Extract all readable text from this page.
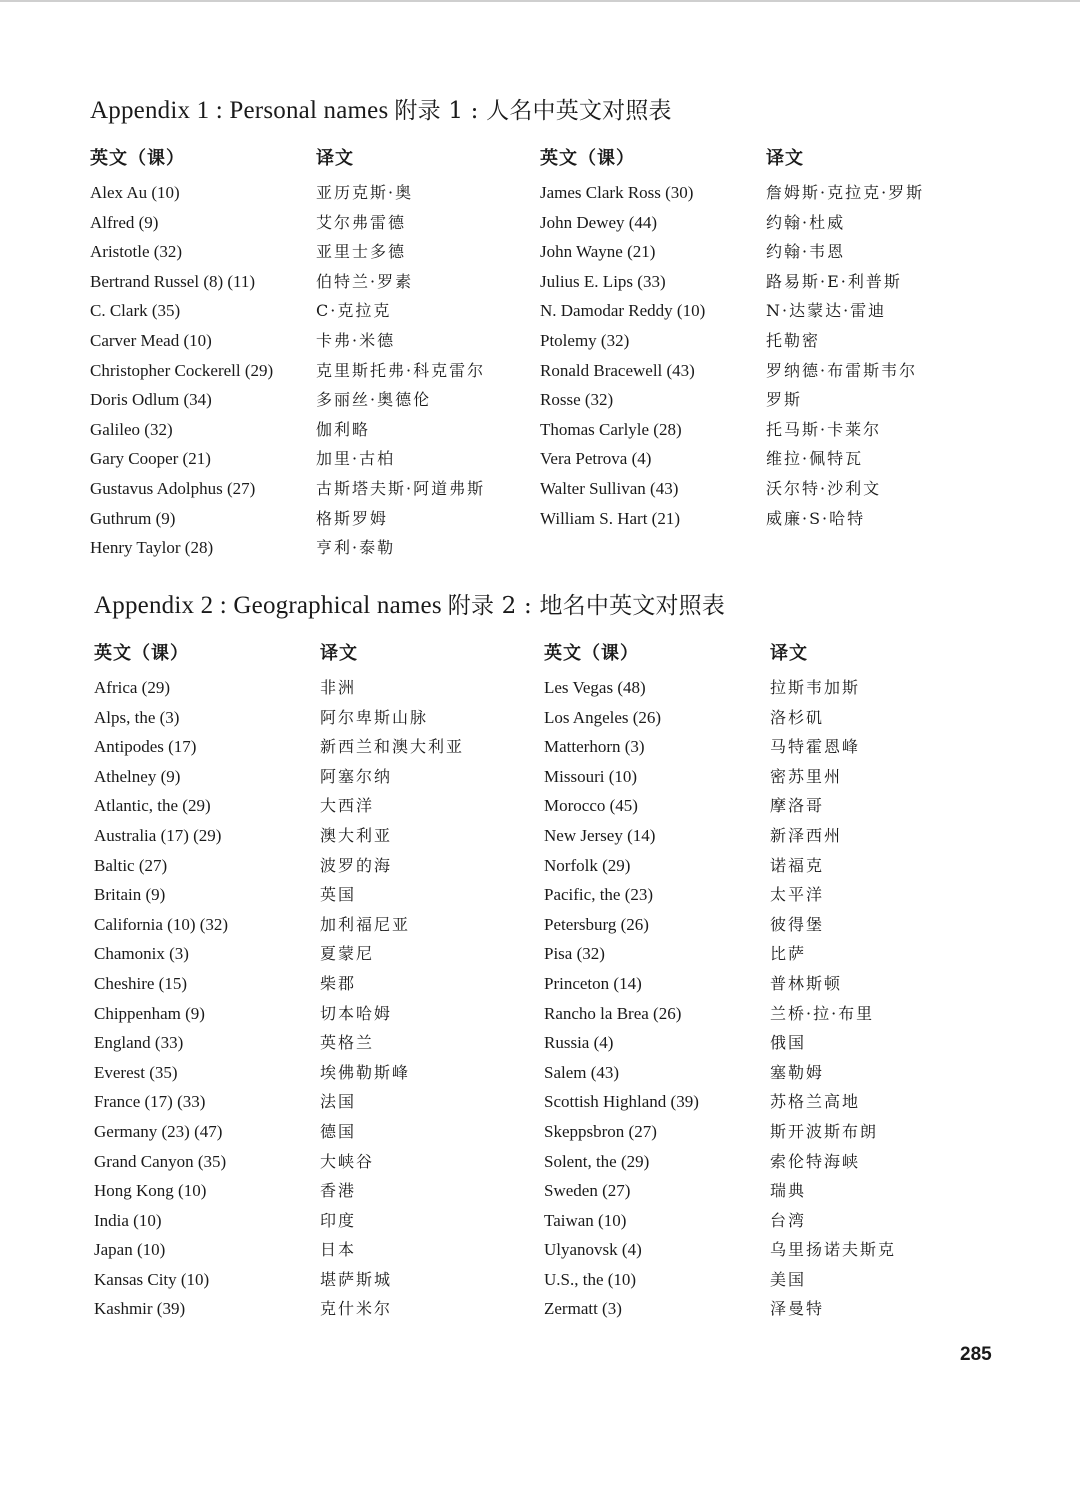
Appendix 1 : Personal names 附录 1 : 人名中英文对照表
英文（课）	译文	英文（课）	译文
Alex Au (10)	亚历克斯·奥	James Clark Ross (30)	詹姆斯·克拉克·罗斯
Alfred (9)	艾尔弗雷德	John Dewey (44)	约翰·杜威
Aristotle (32)	亚里士多德	John Wayne (21)	约翰·韦恩
Bertrand Russel (8) (11)	伯特兰·罗素	Julius E. Lips (33)	路易斯·E·利普斯
C. Clark (35)	C·克拉克	N. Damodar Reddy (10)	N·达蒙达·雷迪
Carver Mead (10)	卡弗·米德	Ptolemy (32)	托勒密
Christopher Cockerell (29)	克里斯托弗·科克雷尔	Ronald Bracewell (43)	罗纳德·布雷斯韦尔
Doris Odlum (34)	多丽丝·奥德伦	Rosse (32)	罗斯
Galileo (32)	伽利略	Thomas Carlyle (28)	托马斯·卡莱尔
Gary Cooper (21)	加里·古柏	Vera Petrova (4)	维拉·佩特瓦
Gustavus Adolphus (27)	古斯塔夫斯·阿道弗斯	Walter Sullivan (43)	沃尔特·沙利文
Guthrum (9)	格斯罗姆	William S. Hart (21)	威廉·S·哈特
Henry Taylor (28)	亨利·泰勒
Appendix 2 : Geographical names 附录 2 : 地名中英文对照表
英文（课）	译文	英文（课）	译文
Africa (29)	非洲	Les Vegas (48)	拉斯韦加斯
Alps, the (3)	阿尔卑斯山脉	Los Angeles (26)	洛杉矶
Antipodes (17)	新西兰和澳大利亚	Matterhorn (3)	马特霍恩峰
Athelney (9)	阿塞尔纳	Missouri (10)	密苏里州
Atlantic, the (29)	大西洋	Morocco (45)	摩洛哥
Australia (17) (29)	澳大利亚	New Jersey (14)	新泽西州
Baltic (27)	波罗的海	Norfolk (29)	诺福克
Britain (9)	英国	Pacific, the (23)	太平洋
California (10) (32)	加利福尼亚	Petersburg (26)	彼得堡
Chamonix (3)	夏蒙尼	Pisa (32)	比萨
Cheshire (15)	柴郡	Princeton (14)	普林斯顿
Chippenham (9)	切本哈姆	Rancho la Brea (26)	兰桥·拉·布里
England (33)	英格兰	Russia (4)	俄国
Everest (35)	埃佛勒斯峰	Salem (43)	塞勒姆
France (17) (33)	法国	Scottish Highland (39)	苏格兰高地
Germany (23) (47)	德国	Skeppsbron (27)	斯开波斯布朗
Grand Canyon (35)	大峡谷	Solent, the (29)	索伦特海峡
Hong Kong (10)	香港	Sweden (27)	瑞典
India (10)	印度	Taiwan (10)	台湾
Japan (10)	日本	Ulyanovsk (4)	乌里扬诺夫斯克
Kansas City (10)	堪萨斯城	U.S., the (10)	美国
Kashmir (39)	克什米尔	Zermatt (3)	泽曼特
285
